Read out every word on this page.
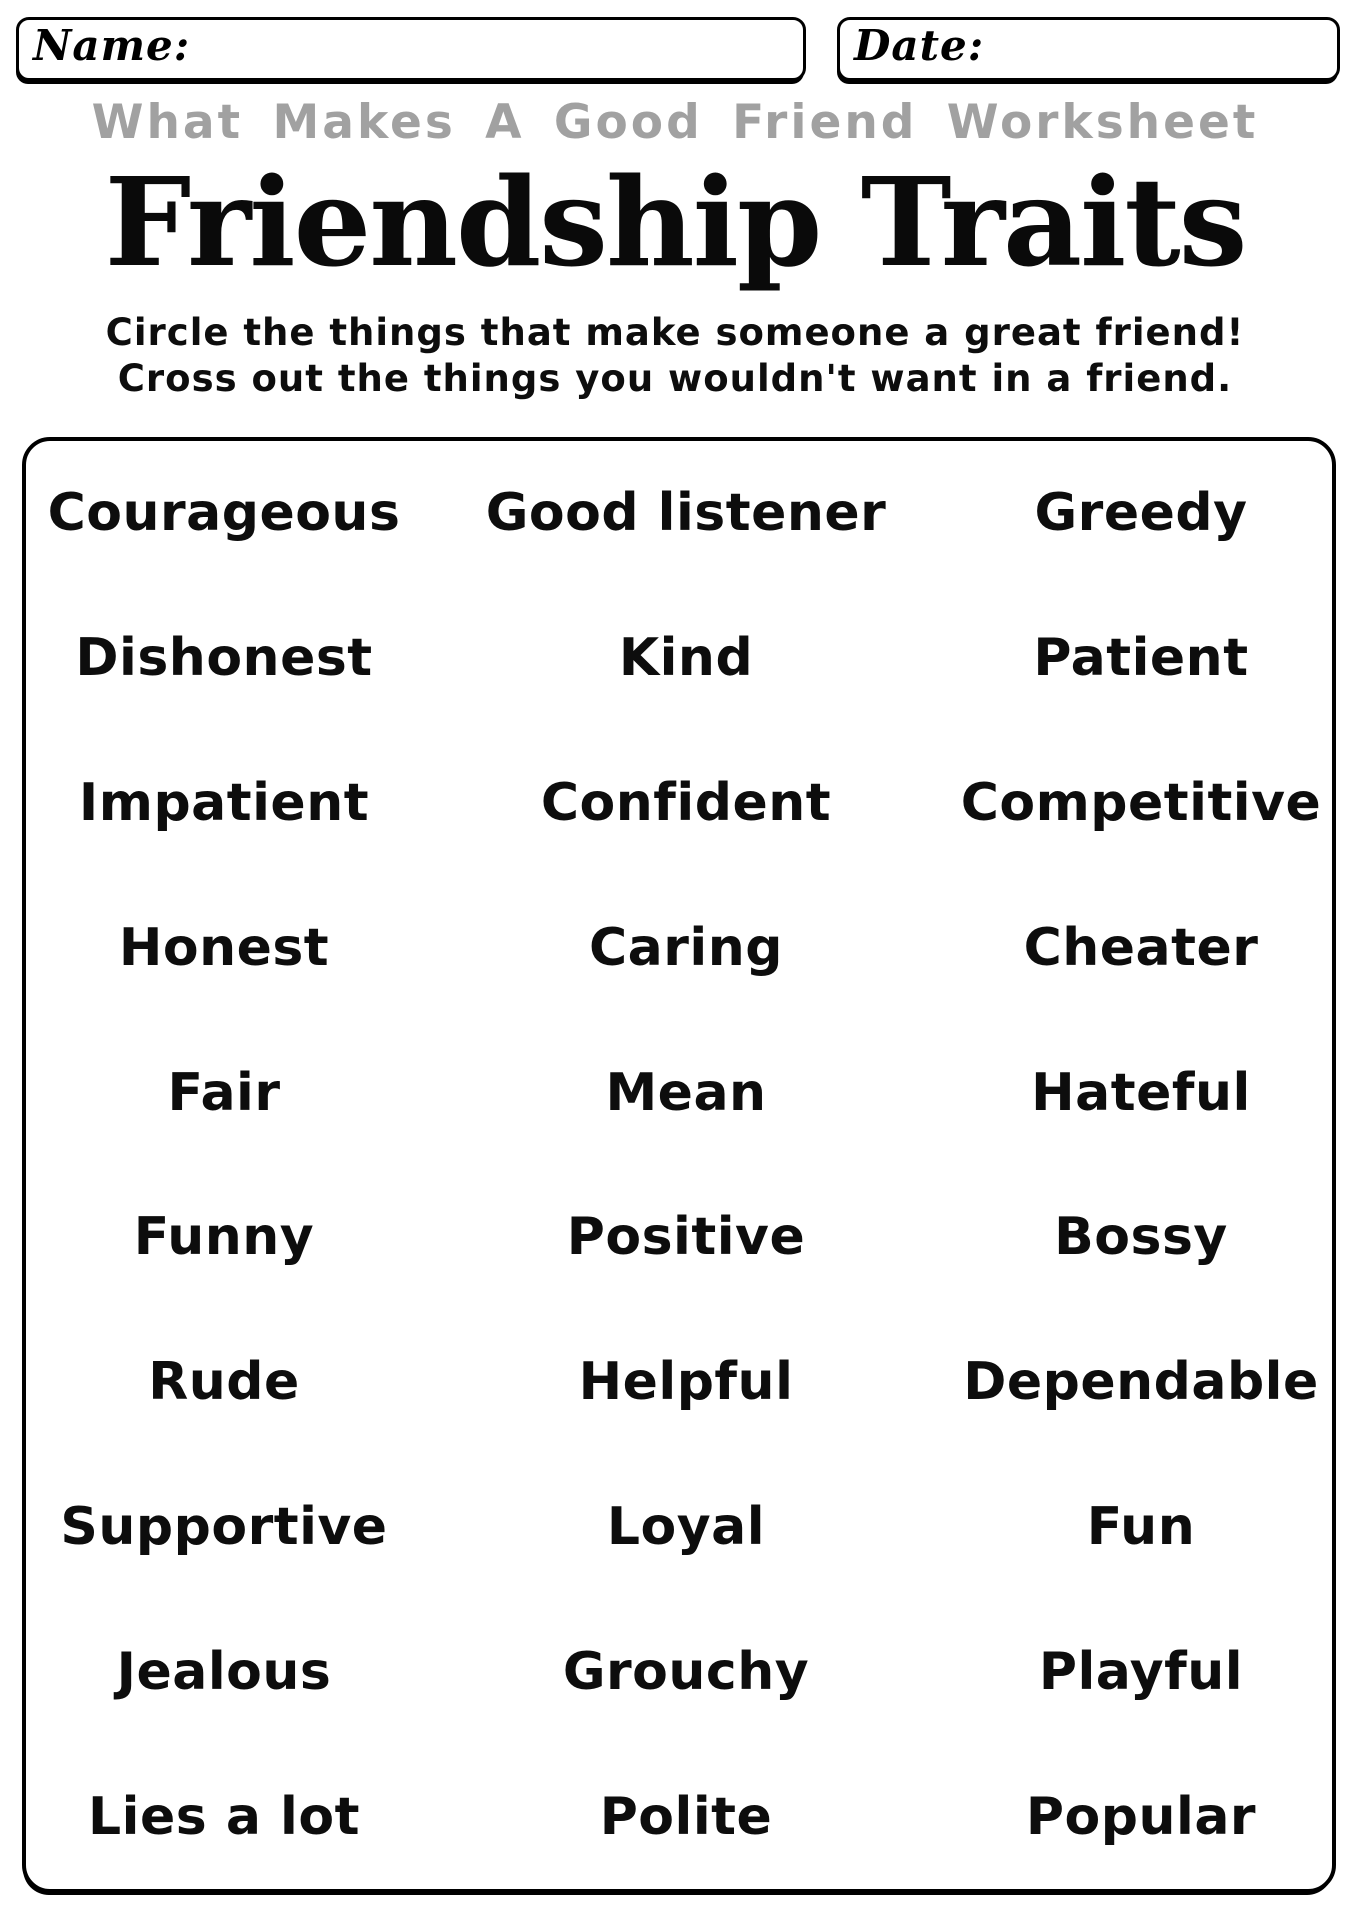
Name:	Date:
What Makes A Good Friend Worksheet
Friendship Traits
Circle the things that make someone a great friend!
Cross out the things you wouldn't want in a friend.
Courageous	Good listener	Greedy
Dishonest	Kind	Patient
Impatient	Confident	Competitive
Honest	Caring	Cheater
Fair	Mean	Hateful
Funny	Positive	Bossy
Rude	Helpful	Dependable
Supportive	Loyal	Fun
Jealous	Grouchy	Playful
Lies a lot	Polite	Popular
